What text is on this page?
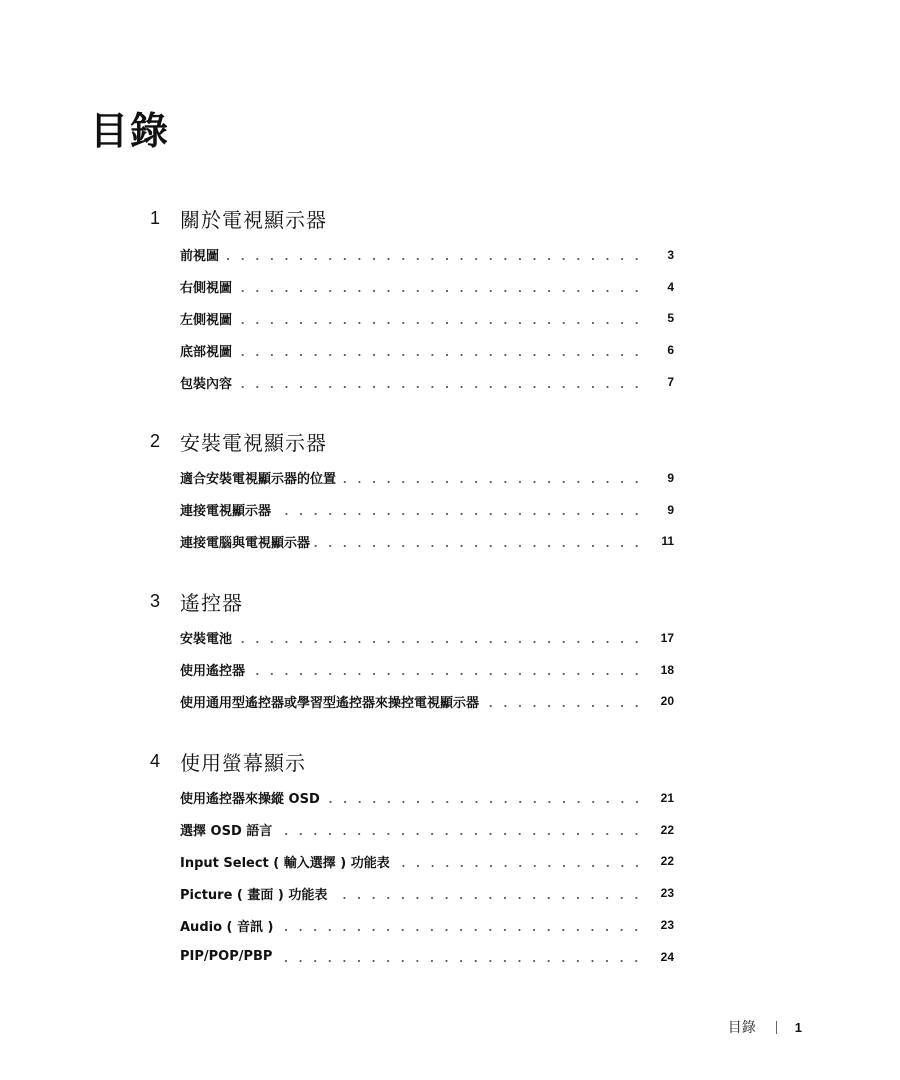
目錄
1 關於電視顯示器
前視圖	3
右側視圖	4
左側視圖	5
底部視圖	6
包裝內容	7
2 安裝電視顯示器
適合安裝電視顯示器的位置	9
連接電視顯示器	9
連接電腦與電視顯示器	11
3 遙控器
安裝電池	17
使用遙控器	18
使用通用型遙控器或學習型遙控器來操控電視顯示器	20
4 使用螢幕顯示
使用遙控器來操縱 OSD	21
選擇 OSD 語言	22
Input Select ( 輸入選擇 ) 功能表	22
Picture ( 畫面 ) 功能表	23
Audio ( 音訊 )	23
PIP/POP/PBP	24
目錄	1
